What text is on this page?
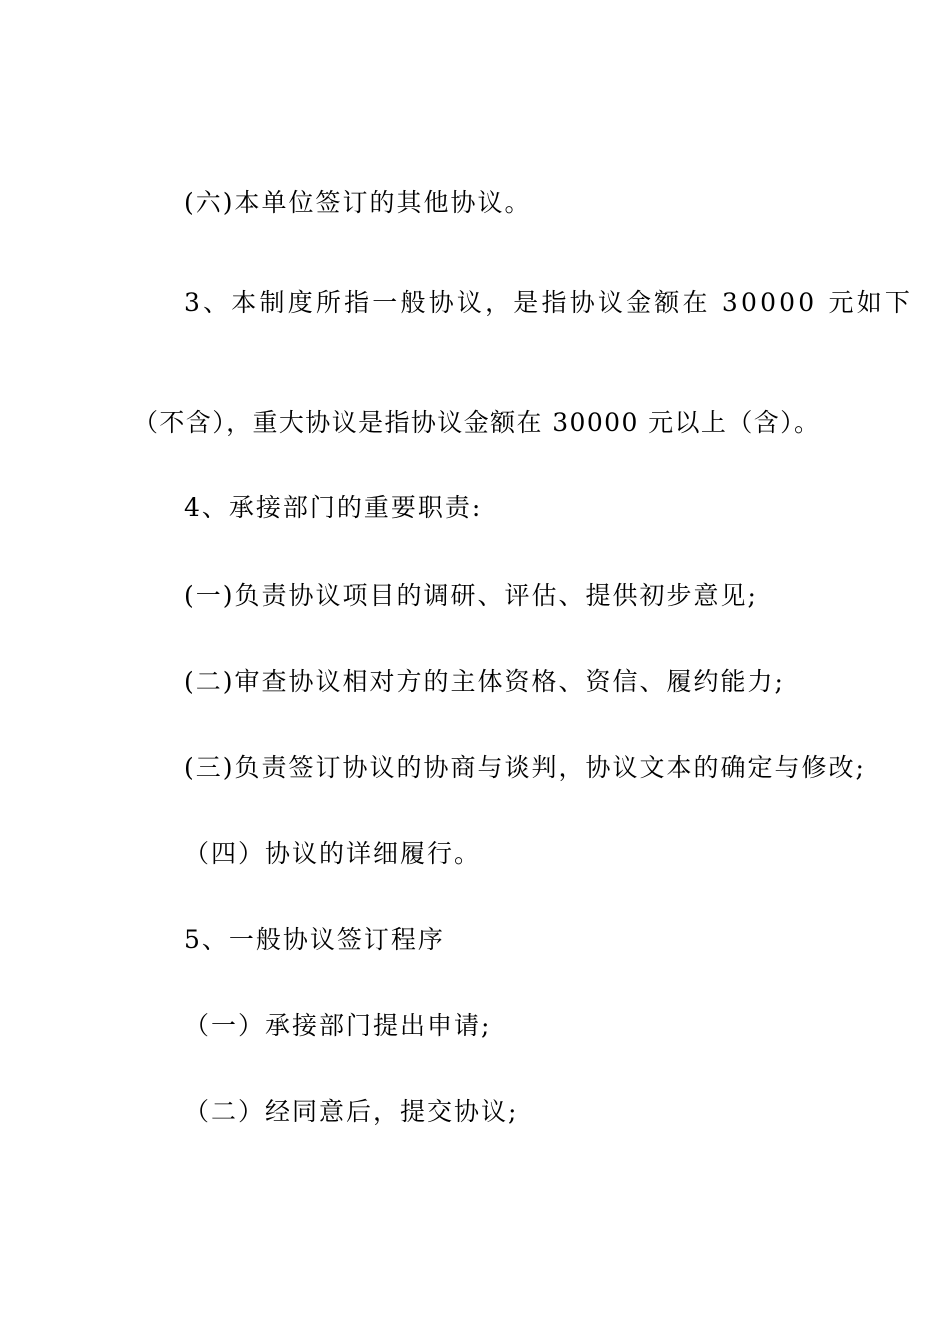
(六)本单位签订的其他协议。
3、本制度所指一般协议，是指协议金额在 30000 元如下
（不含），重大协议是指协议金额在 30000 元以上（含）。
4、承接部门的重要职责:
(一)负责协议项目的调研、评估、提供初步意见;
(二)审查协议相对方的主体资格、资信、履约能力;
(三)负责签订协议的协商与谈判，协议文本的确定与修改;
（四）协议的详细履行。
5、一般协议签订程序
（一）承接部门提出申请;
（二）经同意后，提交协议;
